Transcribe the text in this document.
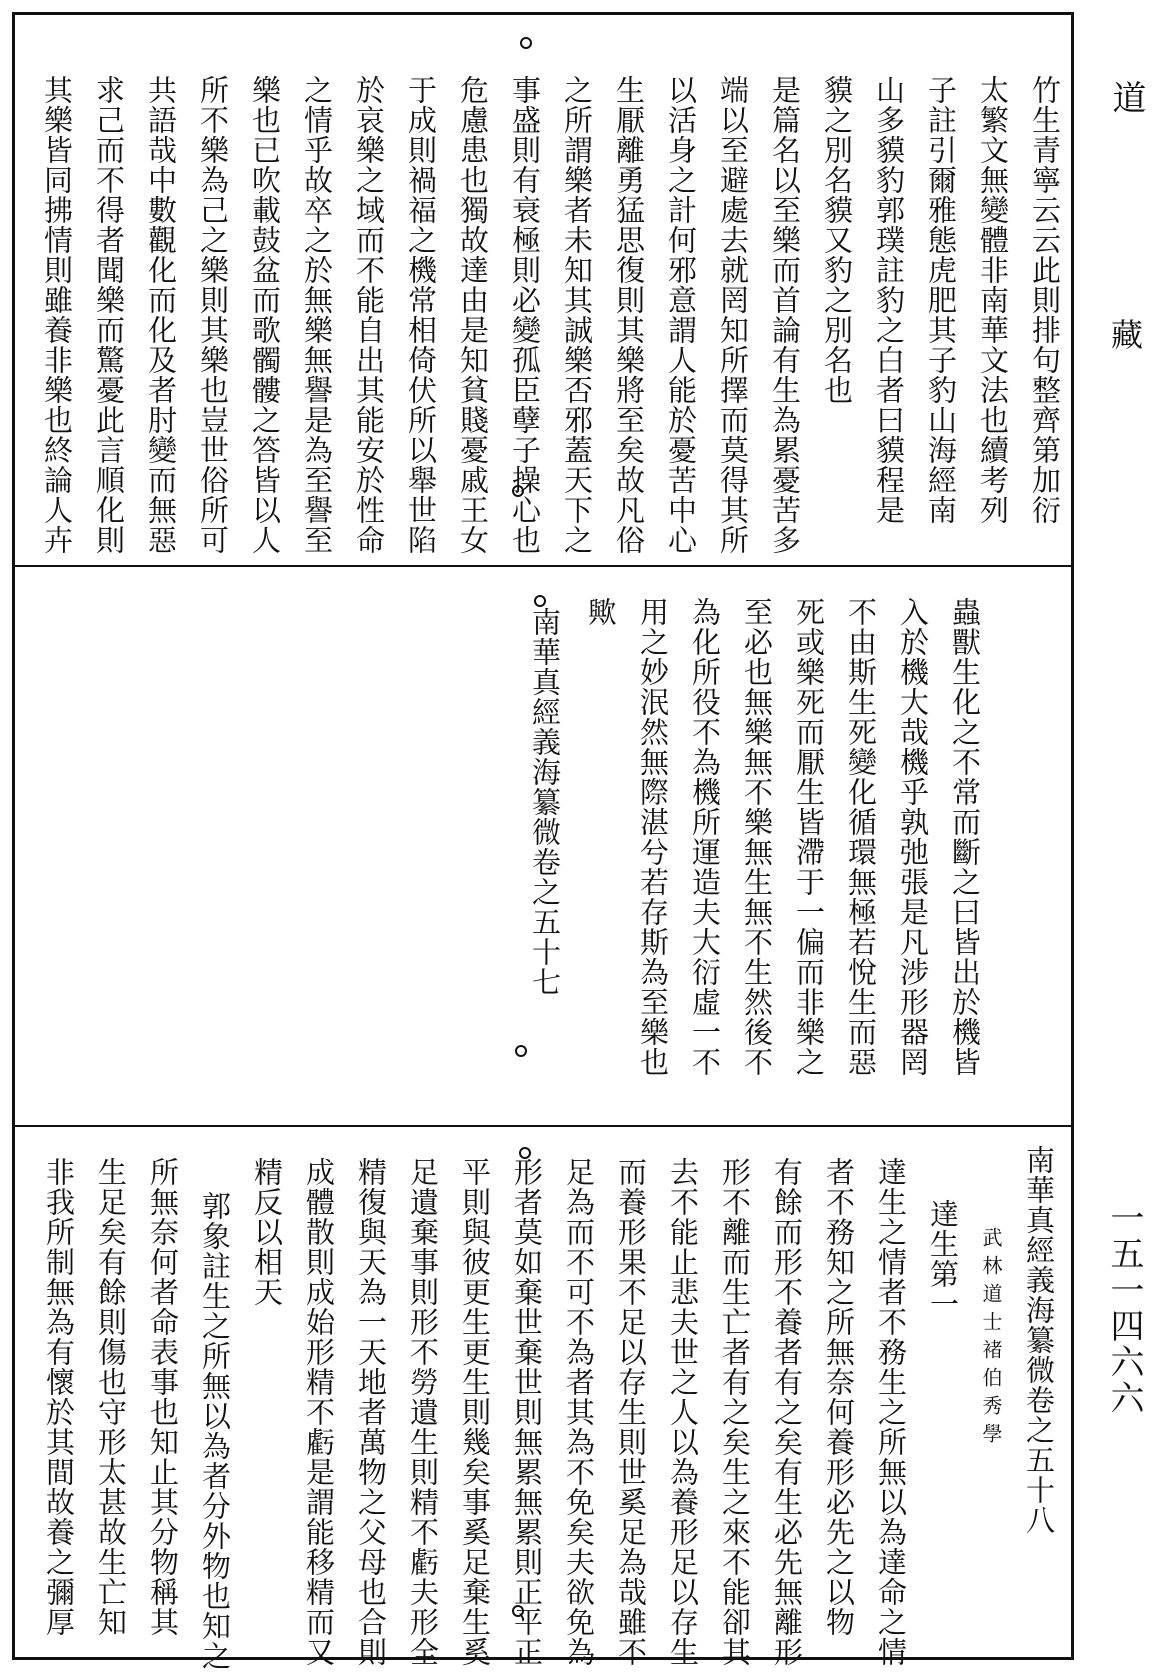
道
藏
一五一四六六
竹生青寧云云此則排句整齊第加衍
太繁文無變體非南華文法也續考列
子註引爾雅態虎肥其子豹山海經南
山多貘豹郭璞註豹之白者曰貘程是
貘之別名貘又豹之別名也
是篇名以至樂而首論有生為累憂苦多
端以至避處去就罔知所擇而莫得其所
以活身之計何邪意謂人能於憂苦中心
生厭離勇猛思復則其樂將至矣故凡俗
之所謂樂者未知其誠樂否邪蓋天下之
事盛則有衰極則必變孤臣孽子操心也
危慮患也獨故達由是知貧賤憂戚王女
于成則禍福之機常相倚伏所以舉世陷
於哀樂之域而不能自出其能安於性命
之情乎故卒之於無樂無譽是為至譽至
樂也已吹載鼓盆而歌髑髏之答皆以人
所不樂為己之樂則其樂也豈世俗所可
共語哉中數觀化而化及者肘變而無惡
求己而不得者聞樂而驚憂此言順化則
其樂皆同拂情則雖養非樂也終論人卉
蟲獸生化之不常而斷之曰皆出於機皆
入於機大哉機乎孰弛張是凡涉形器罔
不由斯生死變化循環無極若悅生而惡
死或樂死而厭生皆滯于一偏而非樂之
至必也無樂無不樂無生無不生然後不
為化所役不為機所運造夫大衍虛一不
用之妙泯然無際湛兮若存斯為至樂也
歟
南華真經義海纂微卷之五十七
南華真經義海纂微卷之五十八
武林道士褚伯秀學
達生第一
達生之情者不務生之所無以為達命之情
者不務知之所無奈何養形必先之以物
有餘而形不養者有之矣有生必先無離形
形不離而生亡者有之矣生之來不能卻其
去不能止悲夫世之人以為養形足以存生
而養形果不足以存生則世奚足為哉雖不
足為而不可不為者其為不免矣夫欲免為
形者莫如棄世棄世則無累無累則正平正
平則與彼更生更生則幾矣事奚足棄生奚
足遺棄事則形不勞遺生則精不虧夫形全
精復與天為一天地者萬物之父母也合則
成體散則成始形精不虧是謂能移精而又
精反以相天
郭象註生之所無以為者分外物也知之
所無奈何者命表事也知止其分物稱其
生足矣有餘則傷也守形太甚故生亡知
非我所制無為有懷於其間故養之彌厚
